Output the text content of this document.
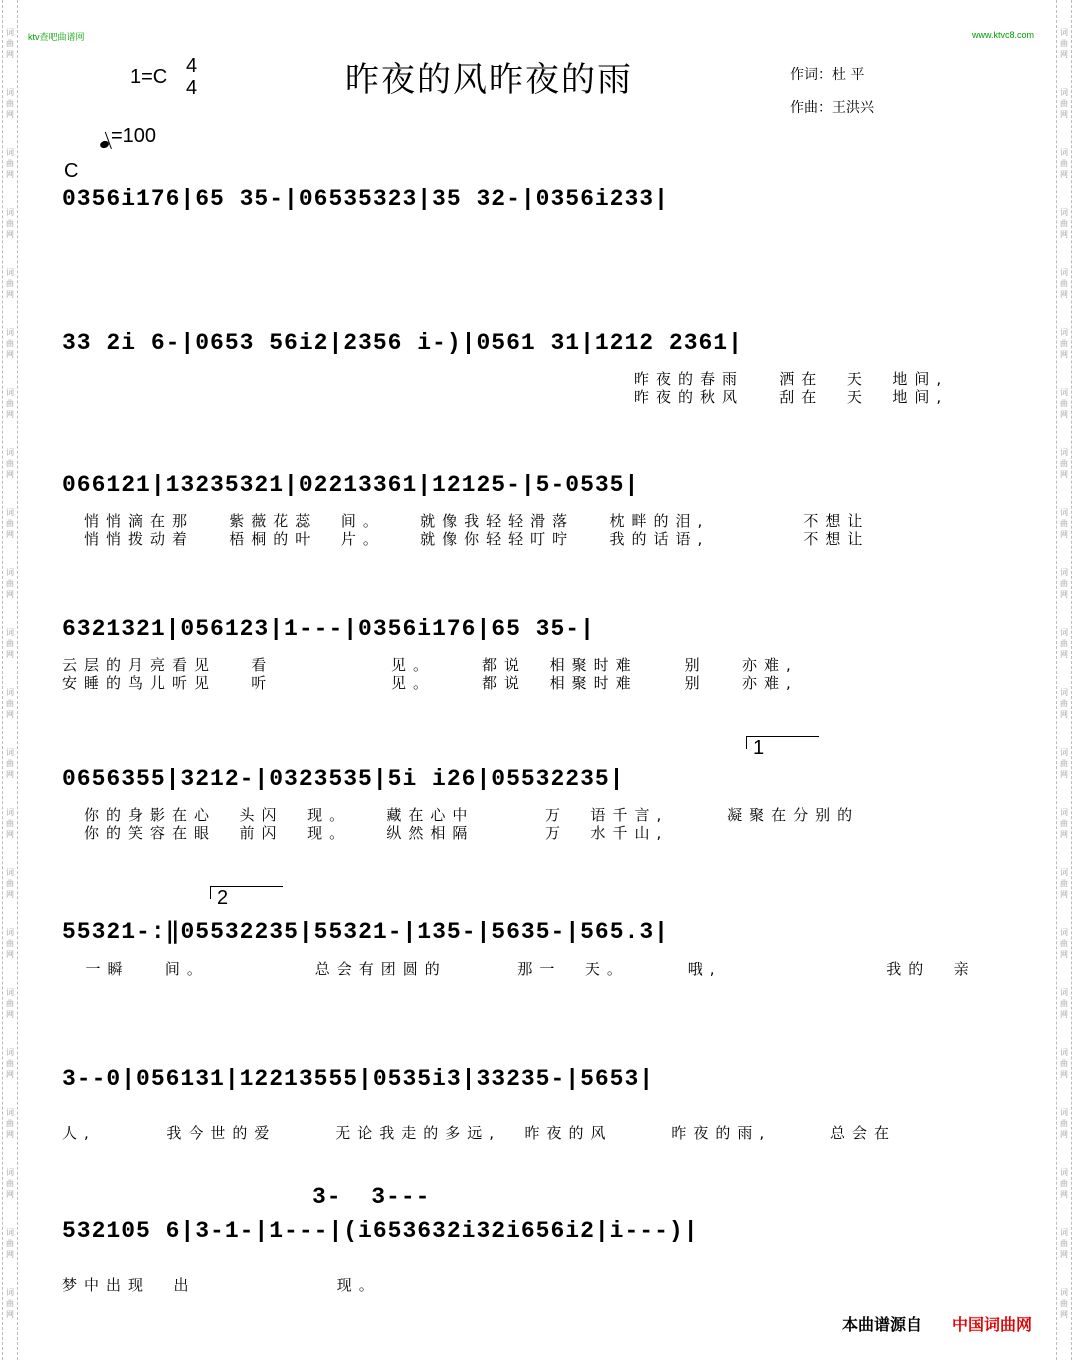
词
曲
网
词
曲
网
词
曲
网
词
曲
网
词
曲
网
词
曲
网
词
曲
网
词
曲
网
词
曲
网
词
曲
网
词
曲
网
词
曲
网
词
曲
网
词
曲
网
词
曲
网
词
曲
网
词
曲
网
词
曲
网
词
曲
网
词
曲
网
词
曲
网
词
曲
网
词
曲
网
词
曲
网
词
曲
网
词
曲
网
词
曲
网
词
曲
网
词
曲
网
词
曲
网
词
曲
网
词
曲
网
词
曲
网
词
曲
网
词
曲
网
词
曲
网
词
曲
网
词
曲
网
词
曲
网
词
曲
网
词
曲
网
词
曲
网
词
曲
网
词
曲
网
ktv查吧曲谱网	www.ktvc8.com
昨夜的风昨夜的雨
1=C 4
4
作词：杜 平
作曲：王洪兴
=100
C
0356i176|65 35-|06535323|35 32-|0356i233|
33 2i 6-|0653 56i2|2356 i-)|0561 31|1212 2361|
昨夜的春雨   洒在  天  地间,
昨夜的秋风   刮在  天  地间,
066121|13235321|02213361|12125-|5-0535|
悄悄滴在那   紫薇花蕊  间。   就像我轻轻滑落   枕畔的泪,        不想让
悄悄拨动着   梧桐的叶  片。   就像你轻轻叮咛   我的话语,        不想让
6321321|056123|1---|0356i176|65 35-|
云层的月亮看见   看          见。    都说  相聚时难    别   亦难,
安睡的鸟儿听见   听          见。    都说  相聚时难    别   亦难,
1
0656355|3212-|0323535|5i i26|05532235|
你的身影在心  头闪  现。   藏在心中      万  语千言,     凝聚在分别的
你的笑容在眼  前闪  现。   纵然相隔      万  水千山,
2
55321-:‖05532235|55321-|135-|5635-|565.3|
一瞬   间。         总会有团圆的      那一  天。     哦,              我的  亲
3--0|056131|12213555|0535i3|33235-|5653|
人,      我今世的爱     无论我走的多远,  昨夜的风     昨夜的雨,     总会在
3-  3---
532105 6|3-1-|1---|(i653632i32i656i2|i---)|
梦中出现  出            现。
本曲谱源自 中国词曲网
